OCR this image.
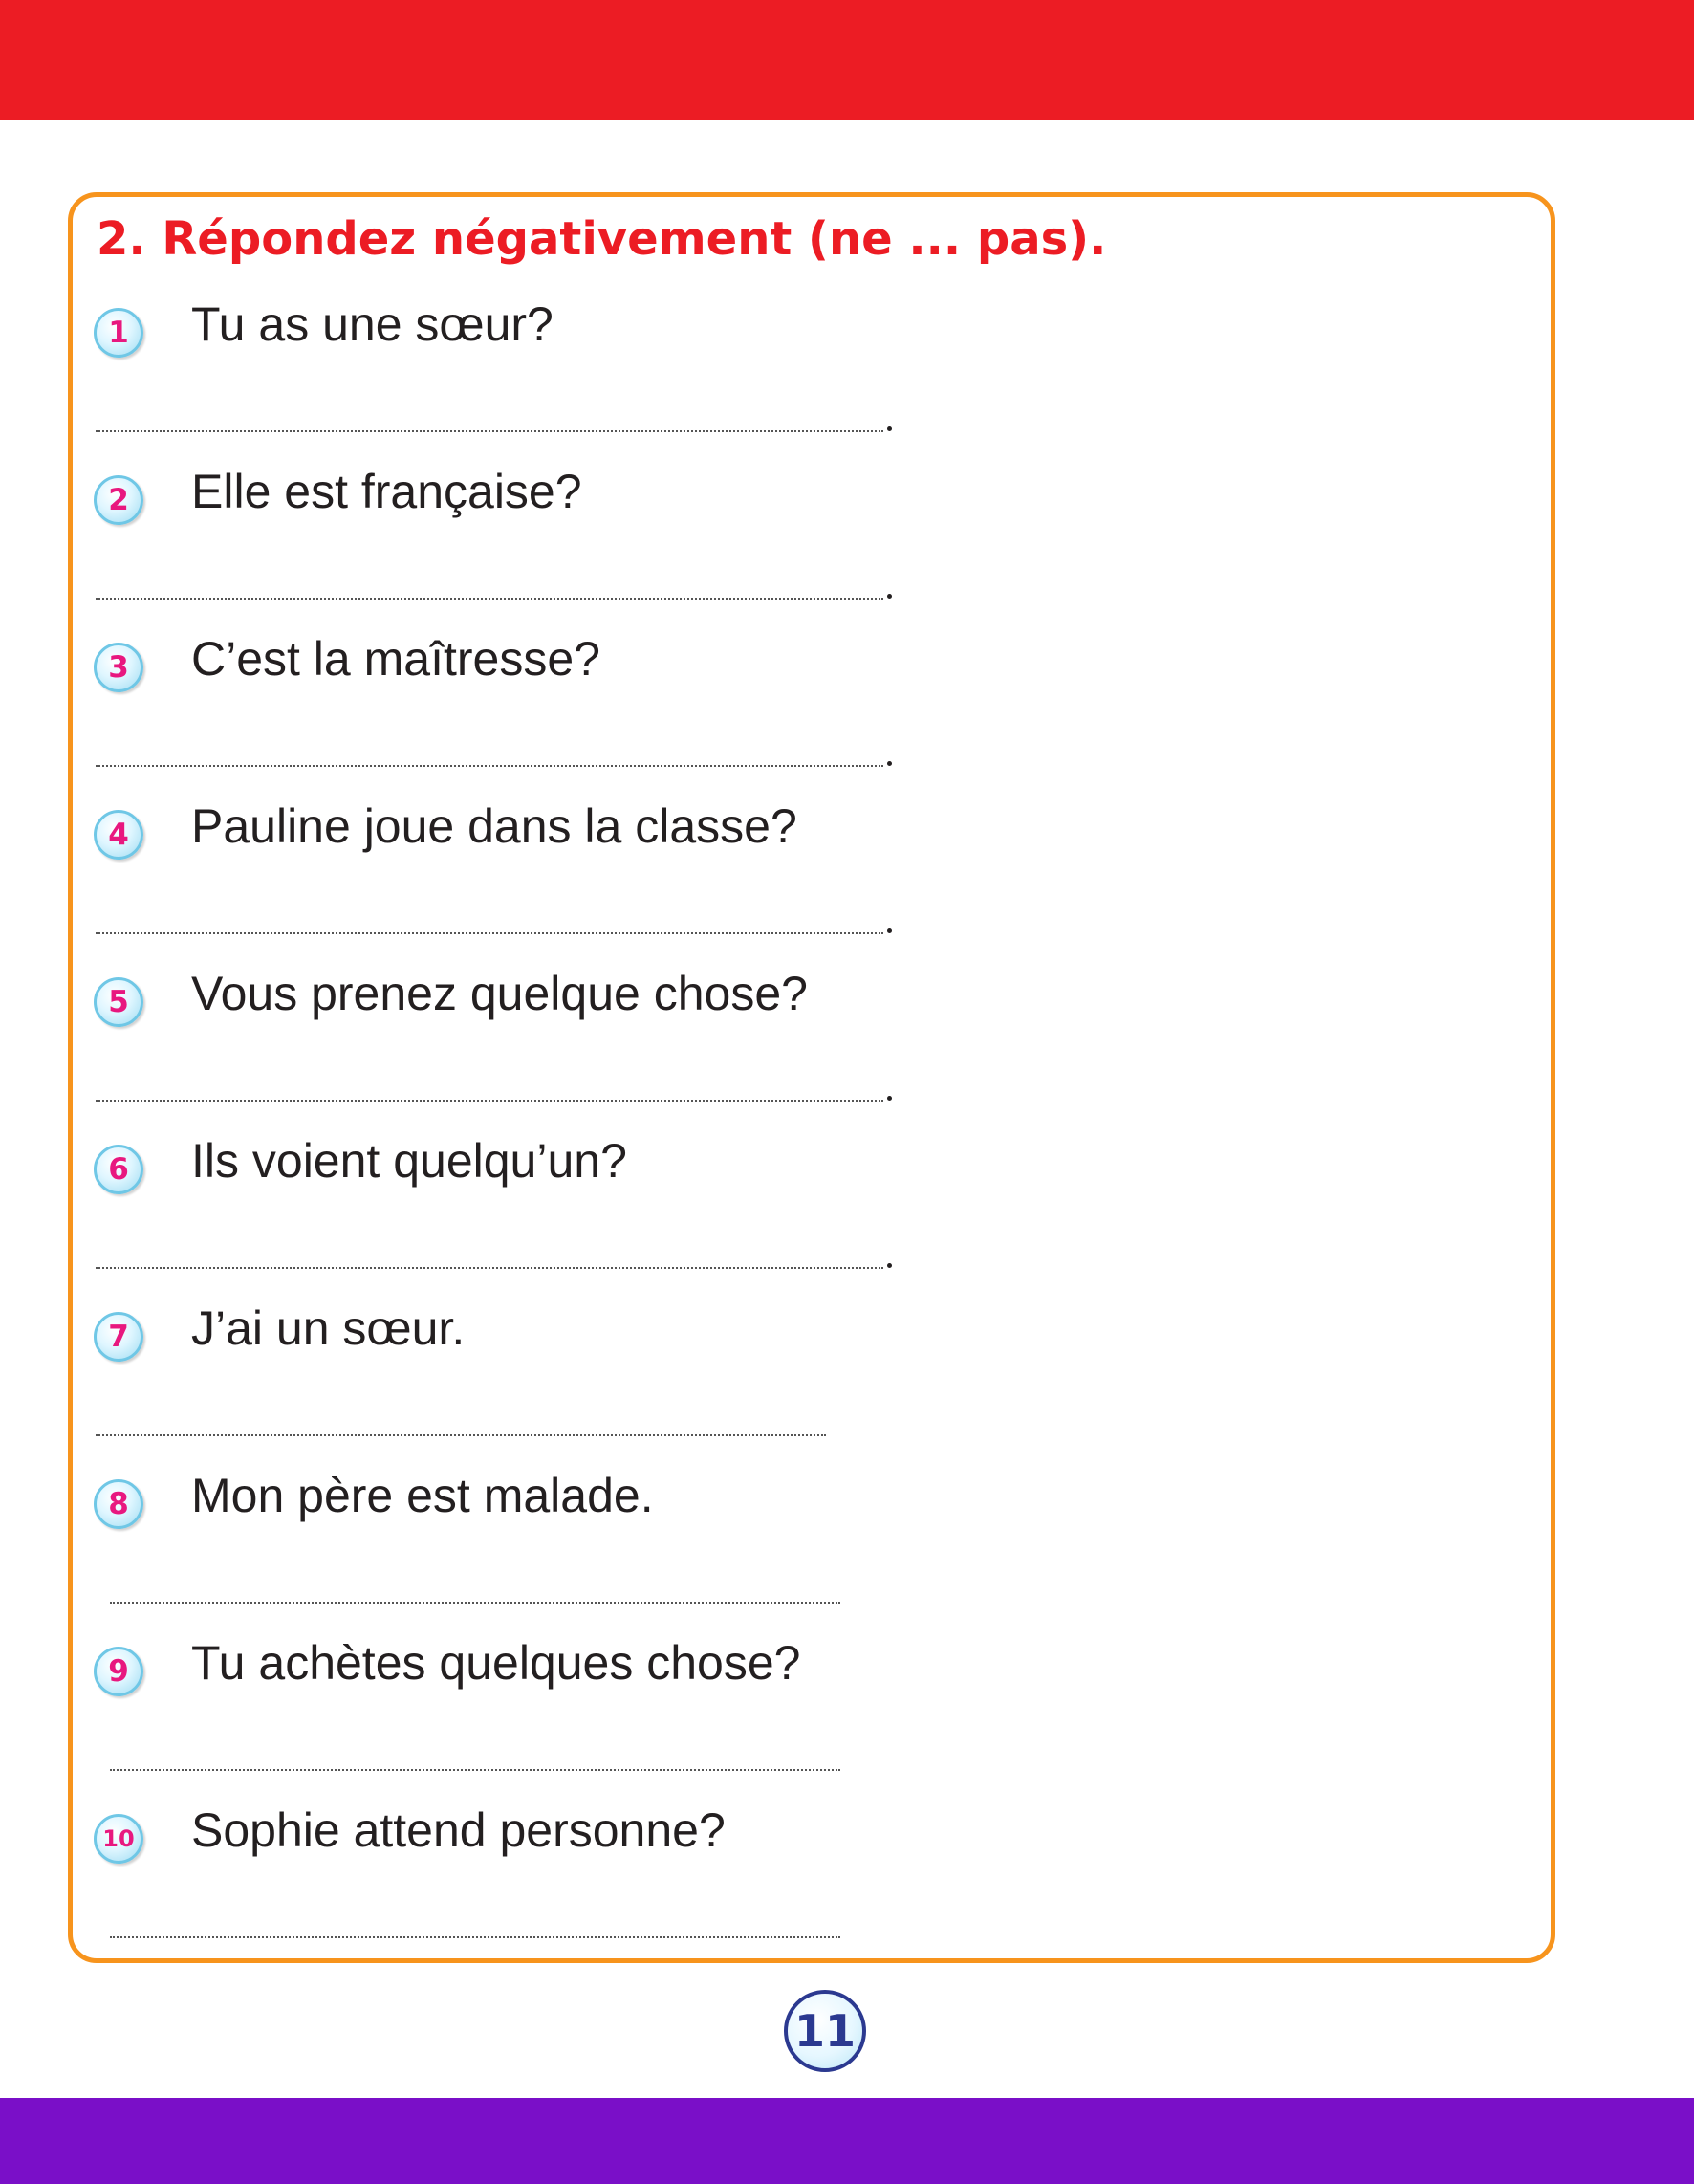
2. Répondez négativement (ne ... pas).
1	Tu as une sœur?
2	Elle est française?
3	C’est la maîtresse?
4	Pauline joue dans la classe?
5	Vous prenez quelque chose?
6	Ils voient quelqu’un?
7	J’ai un sœur.
8	Mon père est malade.
9	Tu achètes quelques chose?
10 Sophie attend personne?
11
